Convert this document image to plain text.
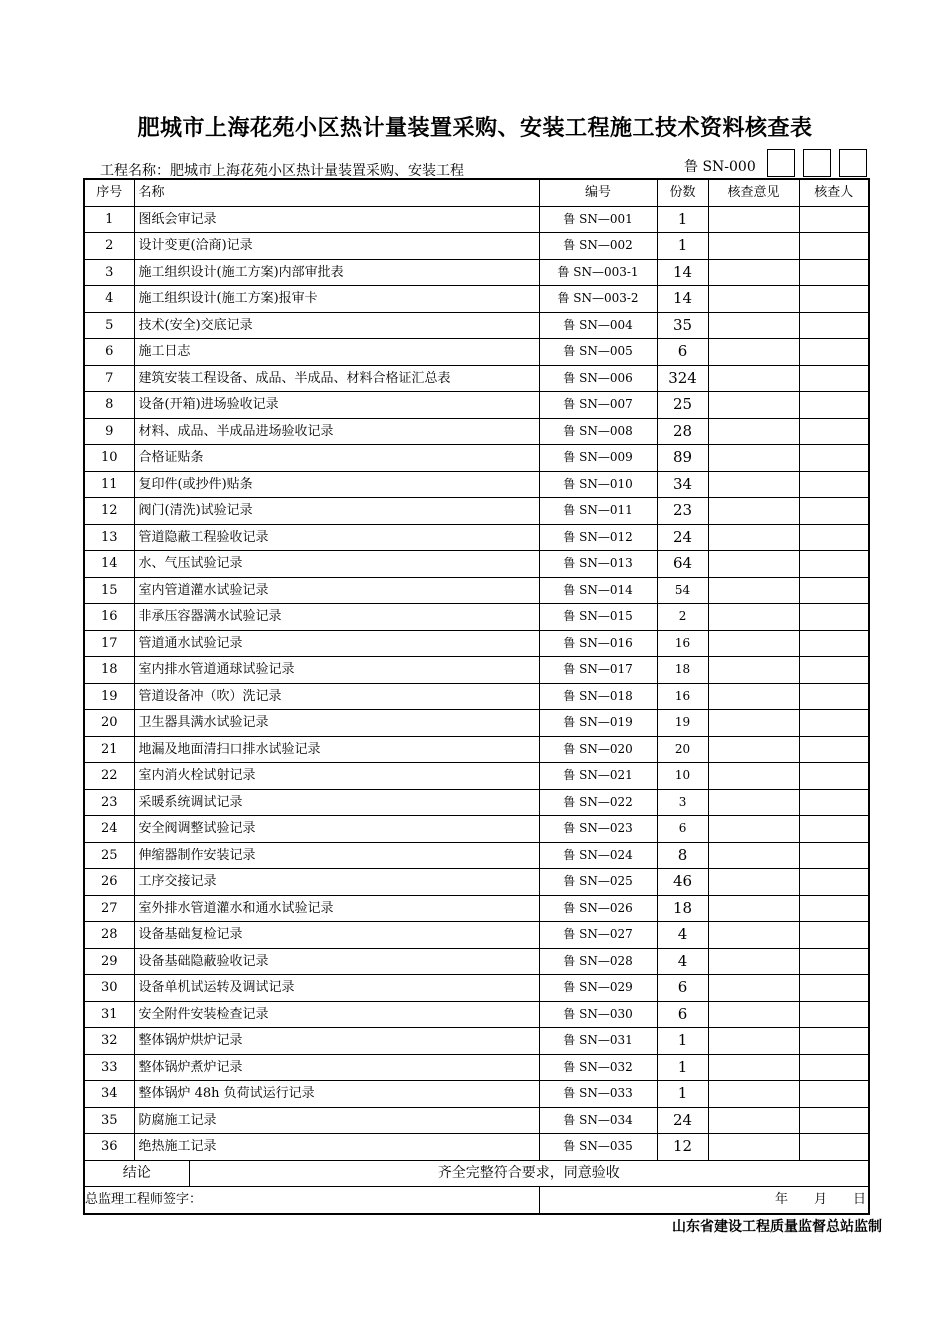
肥城市上海花苑小区热计量装置采购、安装工程施工技术资料核查表
工程名称：肥城市上海花苑小区热计量装置采购、安装工程	鲁 SN-000
序号	名称		编号	份数	核查意见	核查人
1	图纸会审记录		鲁 SN—001	1		
2	设计变更(洽商)记录		鲁 SN—002	1		
3	施工组织设计(施工方案)内部审批表		鲁 SN—003-1	14		
4	施工组织设计(施工方案)报审卡		鲁 SN—003-2	14		
5	技术(安全)交底记录		鲁 SN—004	35		
6	施工日志		鲁 SN—005	6		
7	建筑安装工程设备、成品、半成品、材料合格证汇总表		鲁 SN—006	324		
8	设备(开箱)进场验收记录		鲁 SN—007	25		
9	材料、成品、半成品进场验收记录		鲁 SN—008	28		
10	合格证贴条		鲁 SN—009	89		
11	复印件(或抄件)贴条		鲁 SN—010	34		
12	阀门(清洗)试验记录		鲁 SN—011	23		
13	管道隐蔽工程验收记录		鲁 SN—012	24		
14	水、气压试验记录		鲁 SN—013	64		
15	室内管道灌水试验记录		鲁 SN—014	54		
16	非承压容器满水试验记录		鲁 SN—015	2		
17	管道通水试验记录		鲁 SN—016	16		
18	室内排水管道通球试验记录		鲁 SN—017	18		
19	管道设备冲（吹）洗记录		鲁 SN—018	16		
20	卫生器具满水试验记录		鲁 SN—019	19		
21	地漏及地面清扫口排水试验记录		鲁 SN—020	20		
22	室内消火栓试射记录		鲁 SN—021	10		
23	采暖系统调试记录		鲁 SN—022	3		
24	安全阀调整试验记录		鲁 SN—023	6		
25	伸缩器制作安装记录		鲁 SN—024	8		
26	工序交接记录		鲁 SN—025	46		
27	室外排水管道灌水和通水试验记录		鲁 SN—026	18		
28	设备基础复检记录		鲁 SN—027	4		
29	设备基础隐蔽验收记录		鲁 SN—028	4		
30	设备单机试运转及调试记录		鲁 SN—029	6		
31	安全附件安装检查记录		鲁 SN—030	6		
32	整体锅炉烘炉记录		鲁 SN—031	1		
33	整体锅炉煮炉记录		鲁 SN—032	1		
34	整体锅炉 48h 负荷试运行记录		鲁 SN—033	1		
35	防腐施工记录		鲁 SN—034	24		
36	绝热施工记录		鲁 SN—035	12		
结论		齐全完整符合要求，同意验收				
总监理工程师签字：			年　　月　　日			
山东省建设工程质量监督总站监制
